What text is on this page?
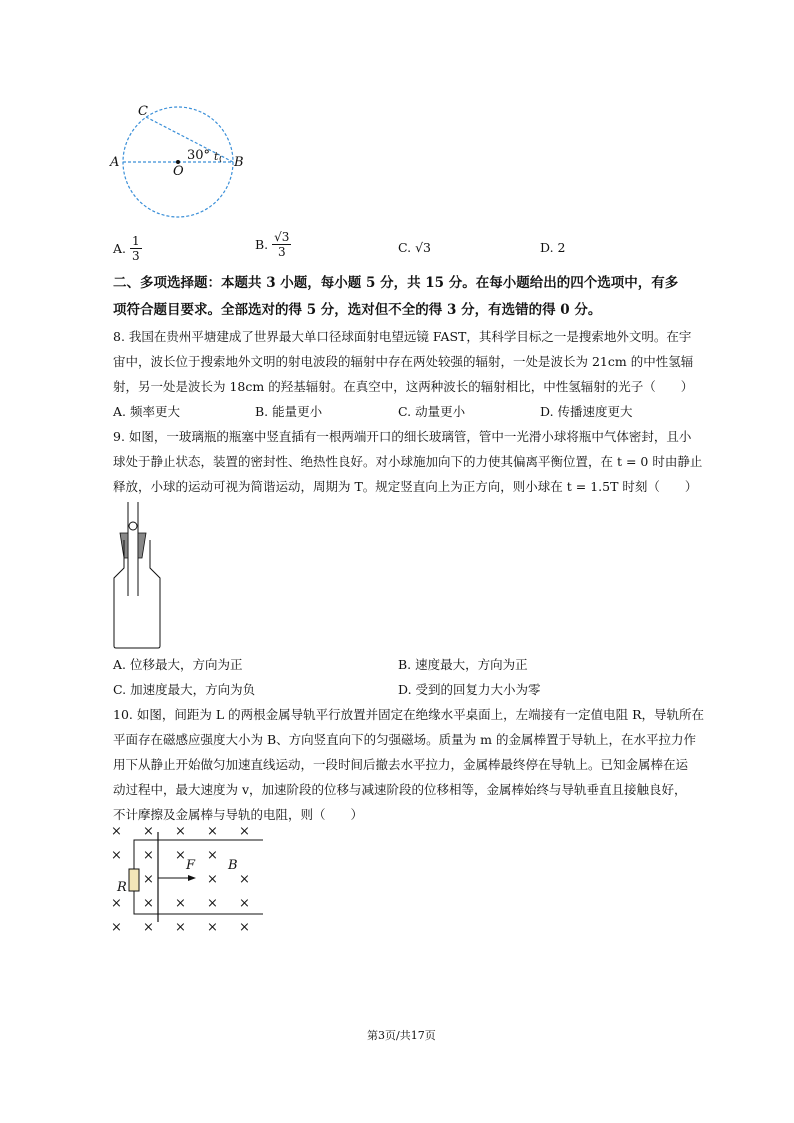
C
A
O
B
30° t
A. $\frac{1}{3}$	B. $\frac{√3}{3}$	C. √3	D. 2
二、多项选择题：本题共 3 小题，每小题 5 分，共 15 分。在每小题给出的四个选项中，有多
项符合题目要求。全部选对的得 5 分，选对但不全的得 3 分，有选错的得 0 分。
8. 我国在贵州平塘建成了世界最大单口径球面射电望远镜 FAST，其科学目标之一是搜索地外文明。在宇
宙中，波长位于搜索地外文明的射电波段的辐射中存在两处较强的辐射，一处是波长为 21cm 的中性氢辐
射，另一处是波长为 18cm 的羟基辐射。在真空中，这两种波长的辐射相比，中性氢辐射的光子（　　）
A. 频率更大	B. 能量更小	C. 动量更小	D. 传播速度更大
9. 如图，一玻璃瓶的瓶塞中竖直插有一根两端开口的细长玻璃管，管中一光滑小球将瓶中气体密封，且小
球处于静止状态，装置的密封性、绝热性良好。对小球施加向下的力使其偏离平衡位置，在 t = 0 时由静止
释放，小球的运动可视为简谐运动，周期为 T。规定竖直向上为正方向，则小球在 t = 1.5T 时刻（　　）
A. 位移最大，方向为正	B. 速度最大，方向为正
C. 加速度最大，方向为负	D. 受到的回复力大小为零
10. 如图，间距为 L 的两根金属导轨平行放置并固定在绝缘水平桌面上，左端接有一定值电阻 R，导轨所在
平面存在磁感应强度大小为 B、方向竖直向下的匀强磁场。质量为 m 的金属棒置于导轨上，在水平拉力作
用下从静止开始做匀加速直线运动，一段时间后撤去水平拉力，金属棒最终停在导轨上。已知金属棒在运
动过程中，最大速度为 v，加速阶段的位移与减速阶段的位移相等，金属棒始终与导轨垂直且接触良好，
不计摩擦及金属棒与导轨的电阻，则（　　）
× × × × ×
× × × ×
×	× ×
× × × × ×
× × × × ×
F	B
R
第3页/共17页
